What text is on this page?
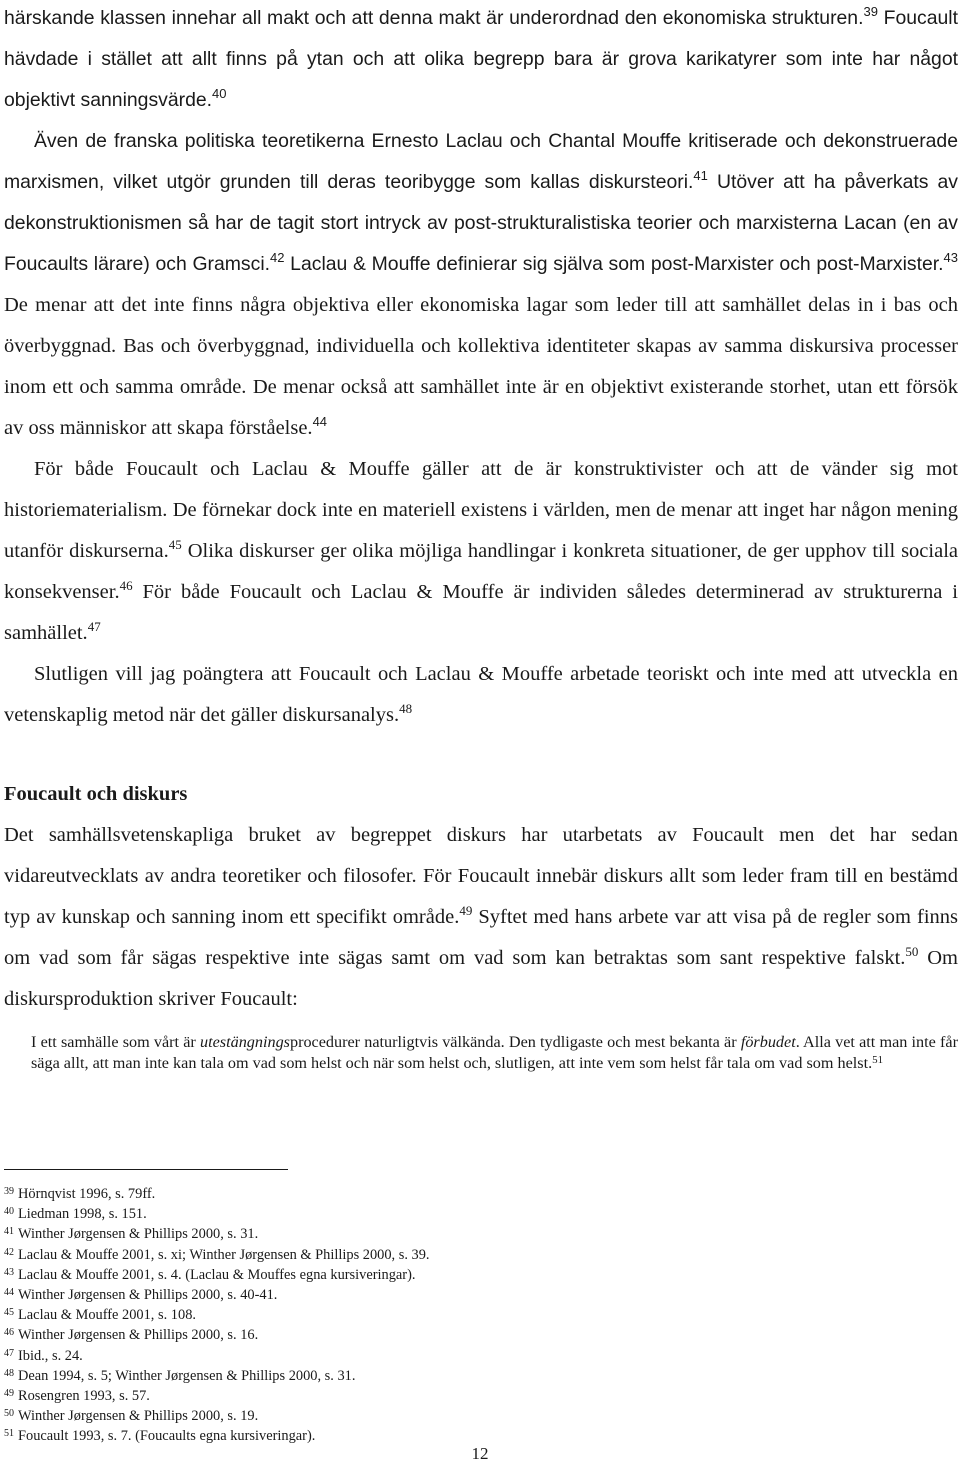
härskande klassen innehar all makt och att denna makt är underordnad den ekonomiska strukturen.$^{39}$ Foucault hävdade i stället att allt finns på ytan och att olika begrepp bara är grova karikatyrer som inte har något objektivt sanningsvärde.$^{40}$

Även de franska politiska teoretikerna Ernesto Laclau och Chantal Mouffe kritiserade och dekonstruerade marxismen, vilket utgör grunden till deras teoribygge som kallas diskursteori.$^{41}$ Utöver att ha påverkats av dekonstruktionismen så har de tagit stort intryck av post-strukturalistiska teorier och marxisterna Lacan (en av Foucaults lärare) och Gramsci.$^{42}$ Laclau & Mouffe definierar sig själva som post-Marxister och post-Marxister.$^{43}$ De menar att det inte finns några objektiva eller ekonomiska lagar som leder till att samhället delas in i bas och överbyggnad. Bas och överbyggnad, individuella och kollektiva identiteter skapas av samma diskursiva processer inom ett och samma område. De menar också att samhället inte är en objektivt existerande storhet, utan ett försök av oss människor att skapa förståelse.$^{44}$

För både Foucault och Laclau & Mouffe gäller att de är konstruktivister och att de vänder sig mot historiematerialism. De förnekar dock inte en materiell existens i världen, men de menar att inget har någon mening utanför diskurserna.$^{45}$ Olika diskurser ger olika möjliga handlingar i konkreta situationer, de ger upphov till sociala konsekvenser.$^{46}$ För både Foucault och Laclau & Mouffe är individen således determinerad av strukturerna i samhället.$^{47}$

Slutligen vill jag poängtera att Foucault och Laclau & Mouffe arbetade teoriskt och inte med att utveckla en vetenskaplig metod när det gäller diskursanalys.$^{48}$

Foucault och diskurs

Det samhällsvetenskapliga bruket av begreppet diskurs har utarbetats av Foucault men det har sedan vidareutvecklats av andra teoretiker och filosofer. För Foucault innebär diskurs allt som leder fram till en bestämd typ av kunskap och sanning inom ett specifikt område.$^{49}$ Syftet med hans arbete var att visa på de regler som finns om vad som får sägas respektive inte sägas samt om vad som kan betraktas som sant respektive falskt.$^{50}$ Om diskursproduktion skriver Foucault:

I ett samhälle som vårt är utestängningsprocedurer naturligtvis välkända. Den tydligaste och mest bekanta är förbudet. Alla vet att man inte får säga allt, att man inte kan tala om vad som helst och när som helst och, slutligen, att inte vem som helst får tala om vad som helst.$^{51}$

$^{39}$ Hörnqvist 1996, s. 79ff.
$^{40}$ Liedman 1998, s. 151.
$^{41}$ Winther Jørgensen & Phillips 2000, s. 31.
$^{42}$ Laclau & Mouffe 2001, s. xi; Winther Jørgensen & Phillips 2000, s. 39.
$^{43}$ Laclau & Mouffe 2001, s. 4. (Laclau & Mouffes egna kursiveringar).
$^{44}$ Winther Jørgensen & Phillips 2000, s. 40-41.
$^{45}$ Laclau & Mouffe 2001, s. 108.
$^{46}$ Winther Jørgensen & Phillips 2000, s. 16.
$^{47}$ Ibid., s. 24.
$^{48}$ Dean 1994, s. 5; Winther Jørgensen & Phillips 2000, s. 31.
$^{49}$ Rosengren 1993, s. 57.
$^{50}$ Winther Jørgensen & Phillips 2000, s. 19.
$^{51}$ Foucault 1993, s. 7. (Foucaults egna kursiveringar).
12
